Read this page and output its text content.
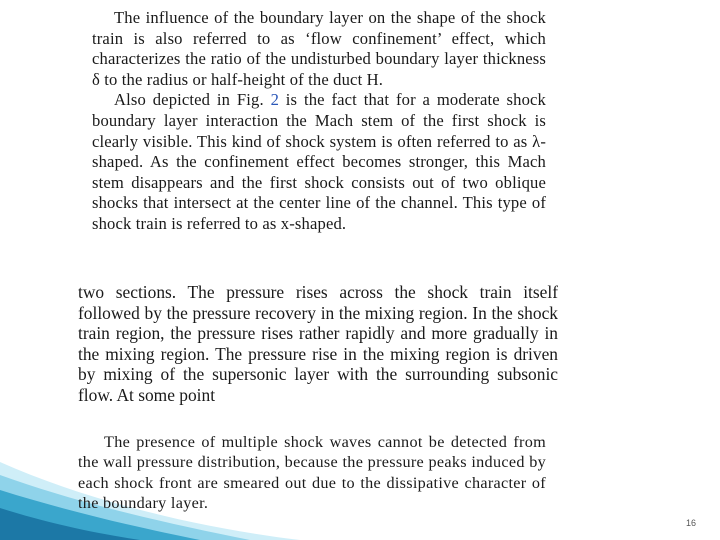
The influence of the boundary layer on the shape of the shock train is also referred to as ‘flow confinement’ effect, which characterizes the ratio of the undisturbed boundary layer thickness δ to the radius or half-height of the duct H.

Also depicted in Fig. 2 is the fact that for a moderate shock boundary layer interaction the Mach stem of the first shock is clearly visible. This kind of shock system is often referred to as λ-shaped. As the confinement effect becomes stronger, this Mach stem disappears and the first shock consists out of two oblique shocks that intersect at the center line of the channel. This type of shock train is referred to as x-shaped.

two sections. The pressure rises across the shock train itself followed by the pressure recovery in the mixing region. In the shock train region, the pressure rises rather rapidly and more gradually in the mixing region. The pressure rise in the mixing region is driven by mixing of the supersonic layer with the surrounding subsonic flow. At some point

The presence of multiple shock waves cannot be detected from the wall pressure distribution, because the pressure peaks induced by each shock front are smeared out due to the dissipative character of the boundary layer.

16
